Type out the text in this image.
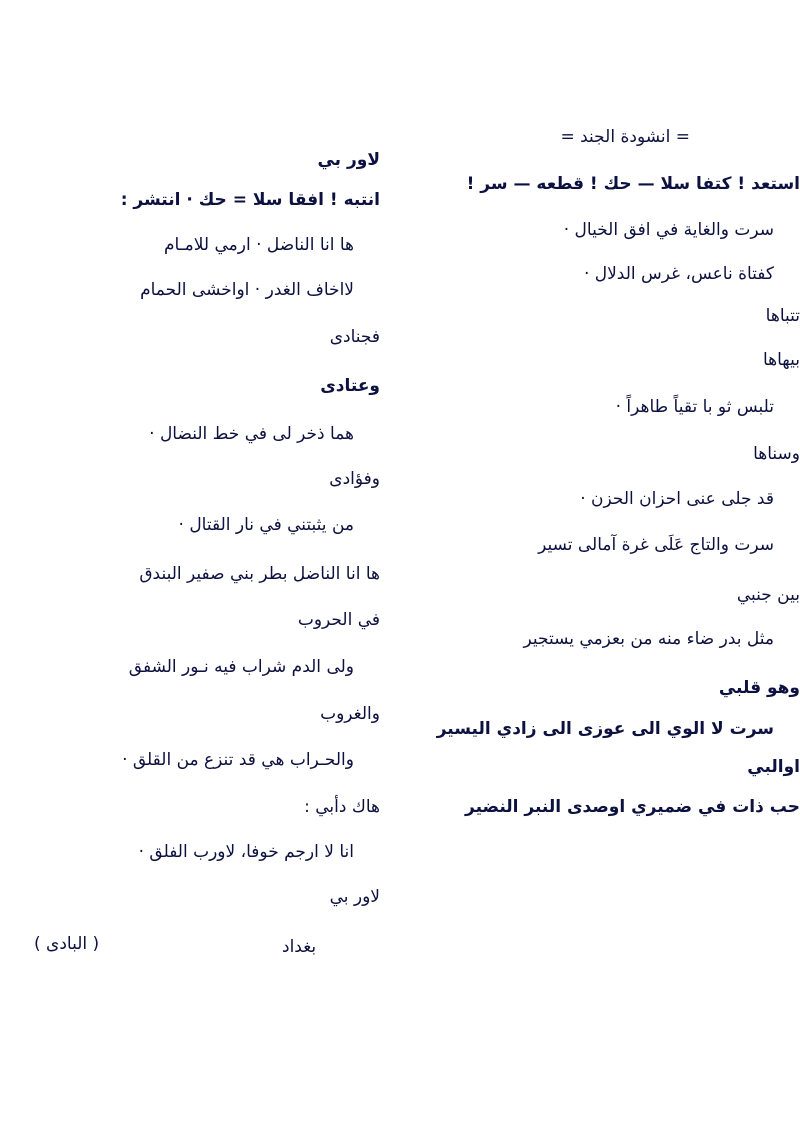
= انشودة الجند =
استعد ! كتفا سلا — حك ! قطعه — سر !
سرت والغاية في افق الخيال ·
كفتاة ناعس، غرس الدلال ·
تتباها
بيهاها
تلبس ثو با تقياً طاهراً ·
وسناها
قد جلى عنى احزان الحزن ·
سرت والتاج عَلَى غرة آمالى تسير
بين جنبي
مثل بدر ضاء منه من بعزمي يستجير
وهو قلبي
سرت لا الوي الى عوزى الى زادي اليسير
اوالبي
حب ذات في ضميري اوصدى النبر النضير
لاور بي
انتبه ! افقا سلا = حك · انتشر :
ها انا الناضل · ارمي للامـام
لااخاف الغدر · اواخشى الحمام
فجنادى
وعتادى
هما ذخر لى في خط النضال ·
وفؤادى
من يثبتني في نار القتال ·
ها انا الناضل بطر بني صفير البندق
في الحروب
ولى الدم شراب فيه نـور الشفق
والغروب
والحـراب هي قد تنزع من القلق ·
هاك دأبي :
انا لا ارجم خوفا، لاورب الفلق ·
لاور بي
بغداد
( البادى )
